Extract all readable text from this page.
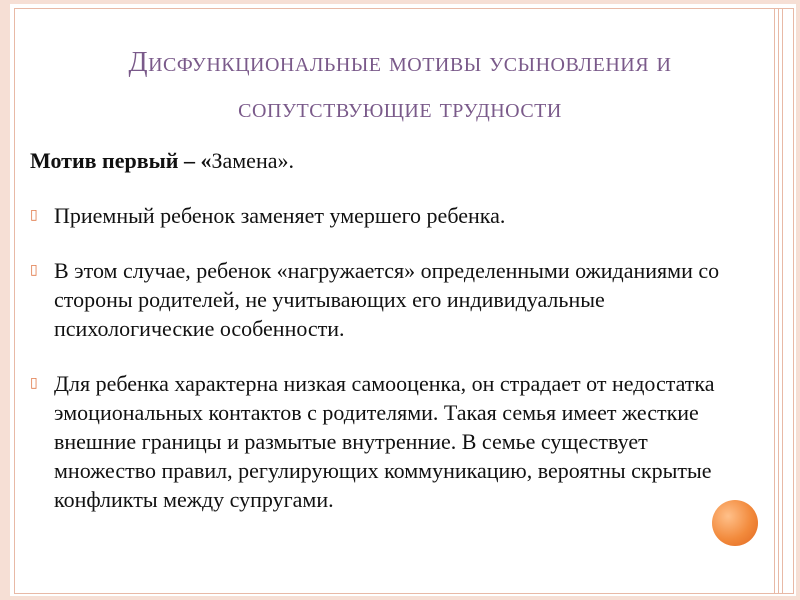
Дисфункциональные мотивы усыновления и
сопутствующие трудности
Мотив первый – «Замена».
▯ Приемный ребенок заменяет умершего ребенка.
▯ В этом случае, ребенок «нагружается» определенными ожиданиями со стороны родителей, не учитывающих его индивидуальные психологические особенности.
▯ Для ребенка характерна низкая самооценка, он страдает от недостатка эмоциональных контактов с родителями. Такая семья имеет жесткие внешние границы и размытые внутренние. В семье существует множество правил, регулирующих коммуникацию, вероятны скрытые конфликты между супругами.
